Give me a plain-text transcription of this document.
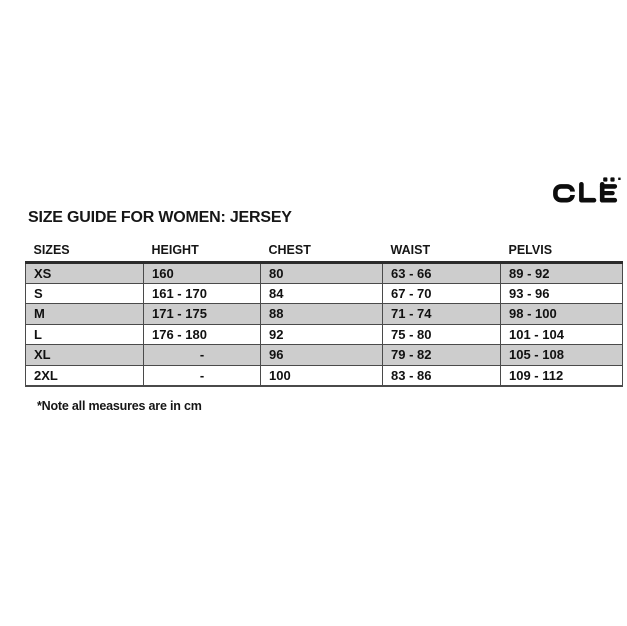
SIZE GUIDE FOR WOMEN: JERSEY
SIZES	HEIGHT	CHEST	WAIST	PELVIS
XS	160	80	63 - 66	89 - 92
S	161 - 170	84	67 - 70	93 - 96
M	171 - 175	88	71 - 74	98 - 100
L	176 - 180	92	75 - 80	101 - 104
XL	-	96	79 - 82	105 - 108
2XL	-	100	83 - 86	109 - 112
*Note all measures are in cm
